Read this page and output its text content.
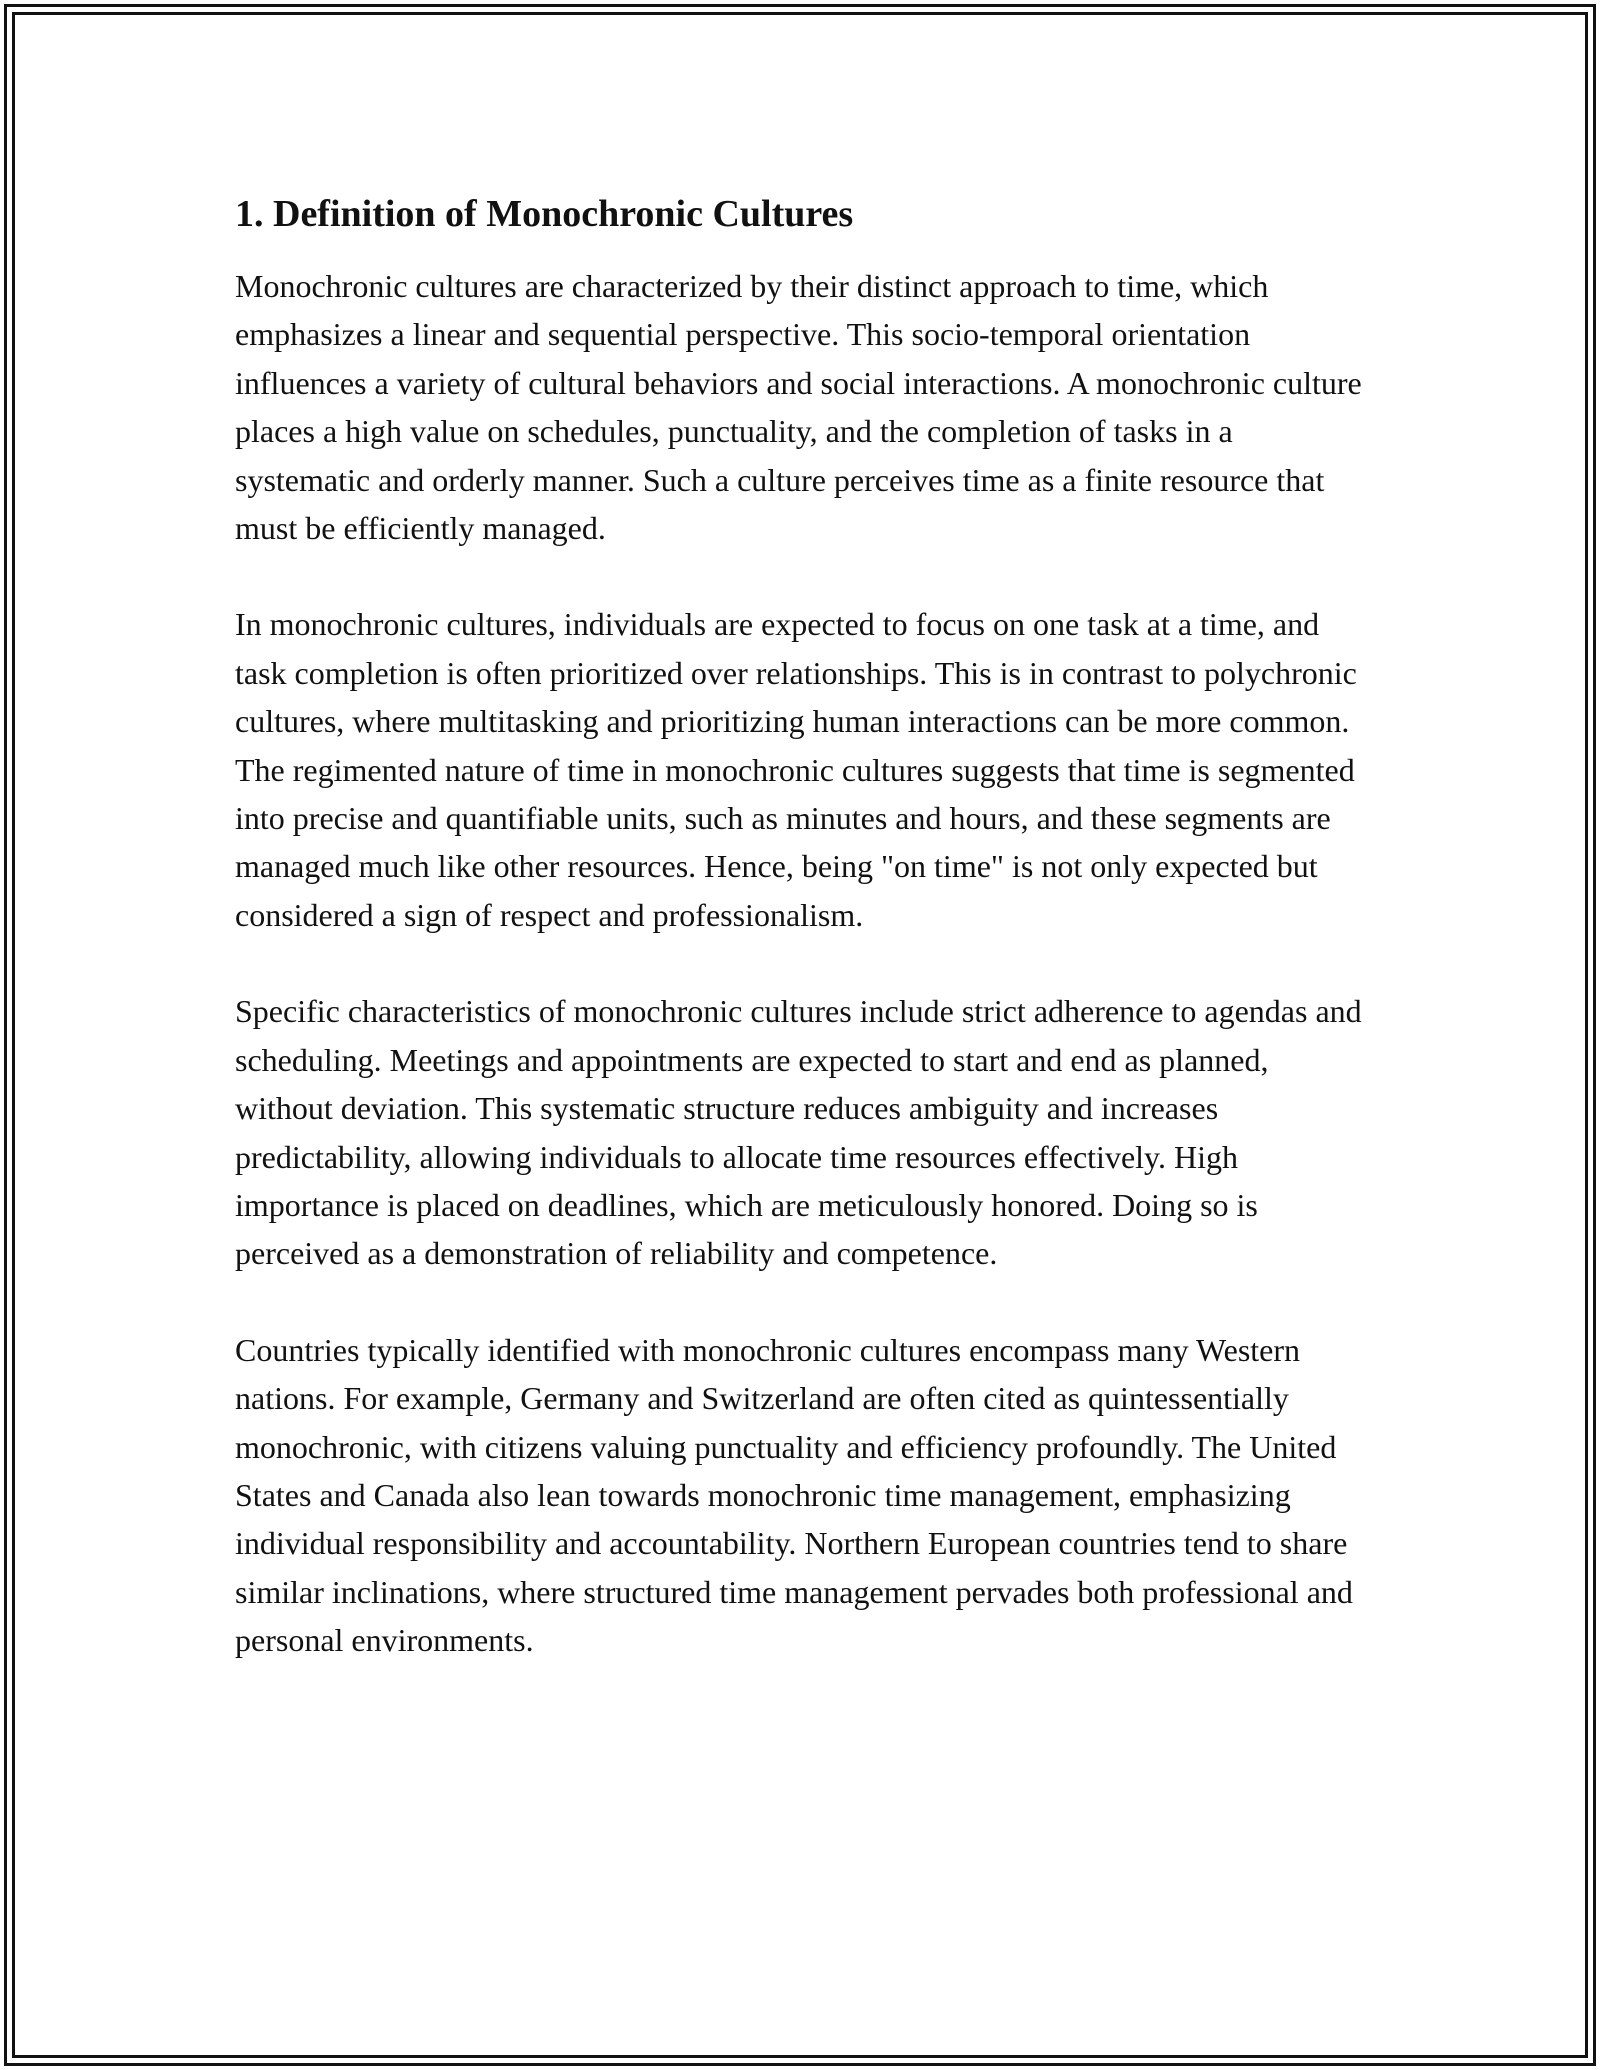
1. Definition of Monochronic Cultures

Monochronic cultures are characterized by their distinct approach to time, which emphasizes a linear and sequential perspective. This socio-temporal orientation influences a variety of cultural behaviors and social interactions. A monochronic culture places a high value on schedules, punctuality, and the completion of tasks in a systematic and orderly manner. Such a culture perceives time as a finite resource that must be efficiently managed.

In monochronic cultures, individuals are expected to focus on one task at a time, and task completion is often prioritized over relationships. This is in contrast to polychronic cultures, where multitasking and prioritizing human interactions can be more common. The regimented nature of time in monochronic cultures suggests that time is segmented into precise and quantifiable units, such as minutes and hours, and these segments are managed much like other resources. Hence, being "on time" is not only expected but considered a sign of respect and professionalism.

Specific characteristics of monochronic cultures include strict adherence to agendas and scheduling. Meetings and appointments are expected to start and end as planned, without deviation. This systematic structure reduces ambiguity and increases predictability, allowing individuals to allocate time resources effectively. High importance is placed on deadlines, which are meticulously honored. Doing so is perceived as a demonstration of reliability and competence.

Countries typically identified with monochronic cultures encompass many Western nations. For example, Germany and Switzerland are often cited as quintessentially monochronic, with citizens valuing punctuality and efficiency profoundly. The United States and Canada also lean towards monochronic time management, emphasizing individual responsibility and accountability. Northern European countries tend to share similar inclinations, where structured time management pervades both professional and personal environments.
